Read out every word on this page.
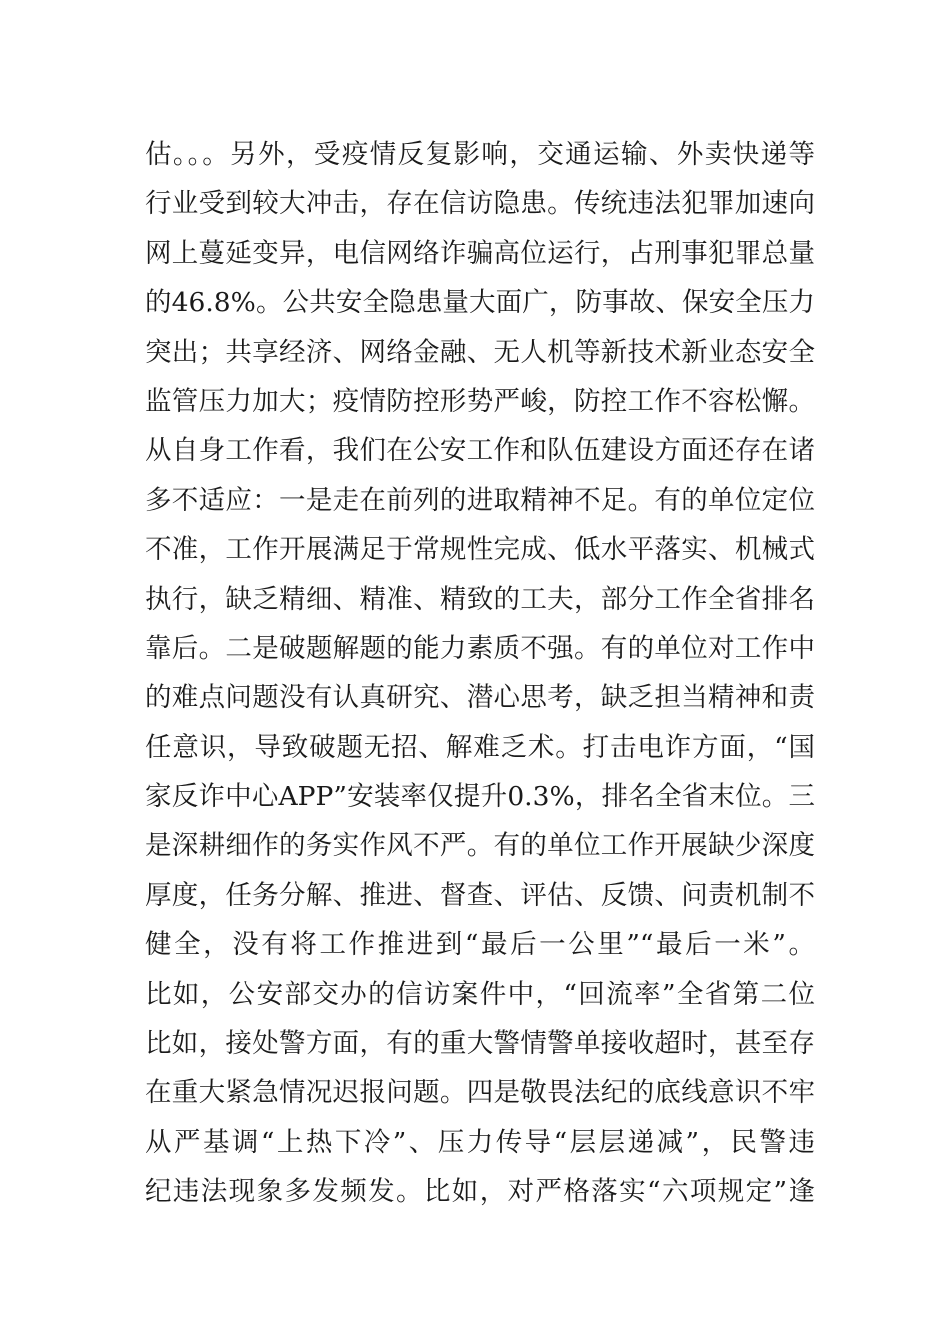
估。。。另外，受疫情反复影响，交通运输、外卖快递等
行业受到较大冲击，存在信访隐患。传统违法犯罪加速向
网上蔓延变异，电信网络诈骗高位运行，占刑事犯罪总量
的46.8%。公共安全隐患量大面广，防事故、保安全压力
突出；共享经济、网络金融、无人机等新技术新业态安全
监管压力加大；疫情防控形势严峻，防控工作不容松懈。
从自身工作看，我们在公安工作和队伍建设方面还存在诸
多不适应：一是走在前列的进取精神不足。有的单位定位
不准，工作开展满足于常规性完成、低水平落实、机械式
执行，缺乏精细、精准、精致的工夫，部分工作全省排名
靠后。二是破题解题的能力素质不强。有的单位对工作中
的难点问题没有认真研究、潜心思考，缺乏担当精神和责
任意识，导致破题无招、解难乏术。打击电诈方面，“国
家反诈中心APP”安装率仅提升0.3%，排名全省末位。三
是深耕细作的务实作风不严。有的单位工作开展缺少深度
厚度，任务分解、推进、督查、评估、反馈、问责机制不
健全，没有将工作推进到“最后一公里”“最后一米”。
比如，公安部交办的信访案件中，“回流率”全省第二位
比如，接处警方面，有的重大警情警单接收超时，甚至存
在重大紧急情况迟报问题。四是敬畏法纪的底线意识不牢
从严基调“上热下冷”、压力传导“层层递减”，民警违
纪违法现象多发频发。比如，对严格落实“六项规定”逢
